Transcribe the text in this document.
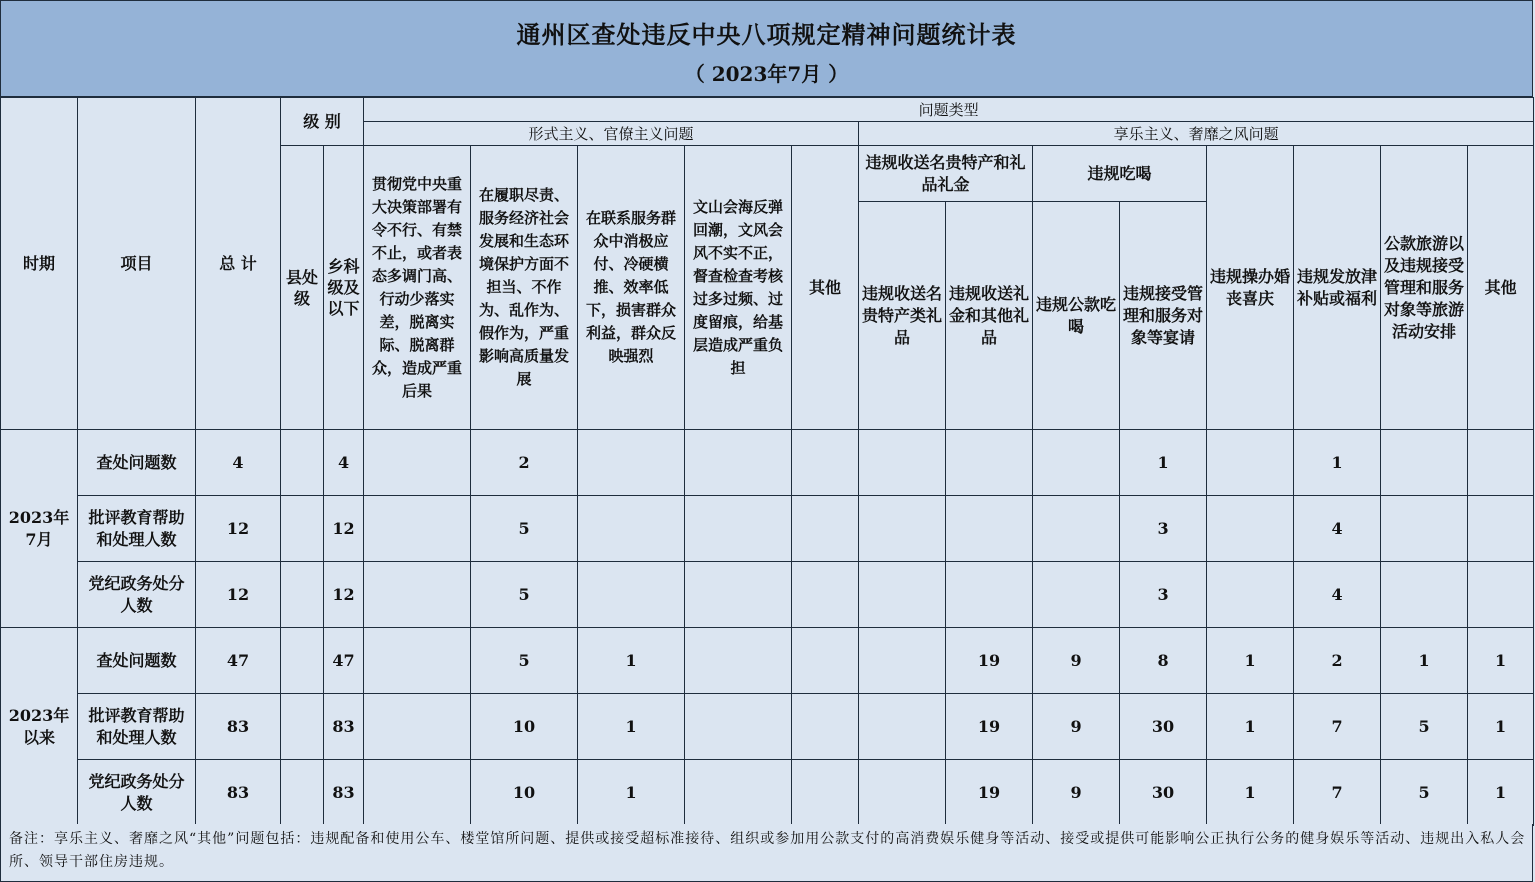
通州区查处违反中央八项规定精神问题统计表
（ 2023年7月 ）
时期	项目	总 计	级 别		问题类型												
					形式主义、官僚主义问题					享乐主义、奢靡之风问题							
			县处级	乡科级及以下	贯彻党中央重大决策部署有令不行、有禁不止，或者表态多调门高、行动少落实差，脱离实际、脱离群众，造成严重后果	在履职尽责、服务经济社会发展和生态环境保护方面不担当、不作为、乱作为、假作为，严重影响高质量发展	在联系服务群众中消极应付、冷硬横推、效率低下，损害群众利益，群众反映强烈	文山会海反弹回潮，文风会风不实不正，督查检查考核过多过频、过度留痕，给基层造成严重负担	其他	违规收送名贵特产和礼品礼金		违规吃喝		违规操办婚丧喜庆	违规发放津补贴或福利	公款旅游以及违规接受管理和服务对象等旅游活动安排	其他
										违规收送名贵特产类礼品	违规收送礼金和其他礼品	违规公款吃喝	违规接受管理和服务对象等宴请				

2023年7月	查处问题数	4		4		2							1		1		
	批评教育帮助和处理人数	12		12		5							3		4		
	党纪政务处分人数	12		12		5							3		4		
2023年以来	查处问题数	47		47		5	1				19	9	8	1	2	1	1
	批评教育帮助和处理人数	83		83		10	1				19	9	30	1	7	5	1
	党纪政务处分人数	83		83		10	1				19	9	30	1	7	5	1
备注：享乐主义、奢靡之风“其他”问题包括：违规配备和使用公车、楼堂馆所问题、提供或接受超标准接待、组织或参加用公款支付的高消费娱乐健身等活动、接受或提供可能影响公正执行公务的健身娱乐等活动、违规出入私人会所、领导干部住房违规。
